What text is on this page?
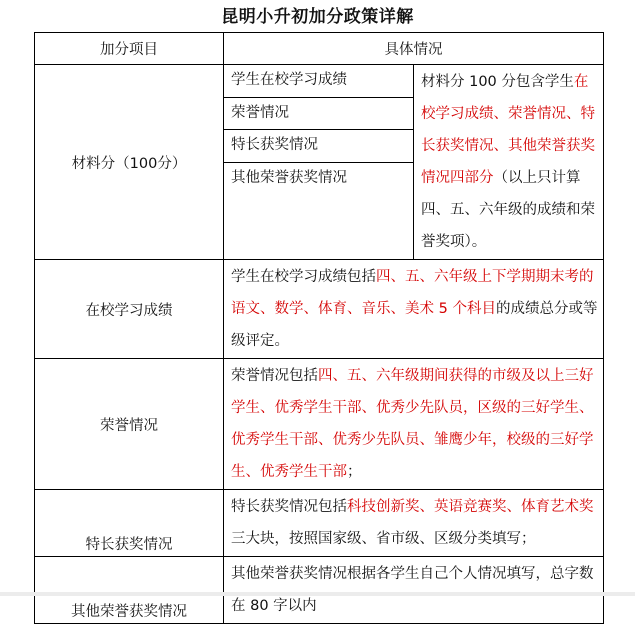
昆明小升初加分政策详解
加分项目	具体情况	
材料分（100分）	学生在校学习成绩	材料分 100 分包含学生在校学习成绩、荣誉情况、特长获奖情况、其他荣誉获奖情况四部分（以上只计算四、五、六年级的成绩和荣誉奖项）。
	荣誉情况	
	特长获奖情况	
	其他荣誉获奖情况	
在校学习成绩	学生在校学习成绩包括四、五、六年级上下学期期末考的语文、数学、体育、音乐、美术 5 个科目的成绩总分或等级评定。	
荣誉情况	荣誉情况包括四、五、六年级期间获得的市级及以上三好学生、优秀学生干部、优秀少先队员，区级的三好学生、优秀学生干部、优秀少先队员、雏鹰少年，校级的三好学生、优秀学生干部；	
特长获奖情况	特长获奖情况包括科技创新奖、英语竞赛奖、体育艺术奖三大块，按照国家级、省市级、区级分类填写；	
其他荣誉获奖情况	其他荣誉获奖情况根据各学生自己个人情况填写，总字数在 80 字以内	
